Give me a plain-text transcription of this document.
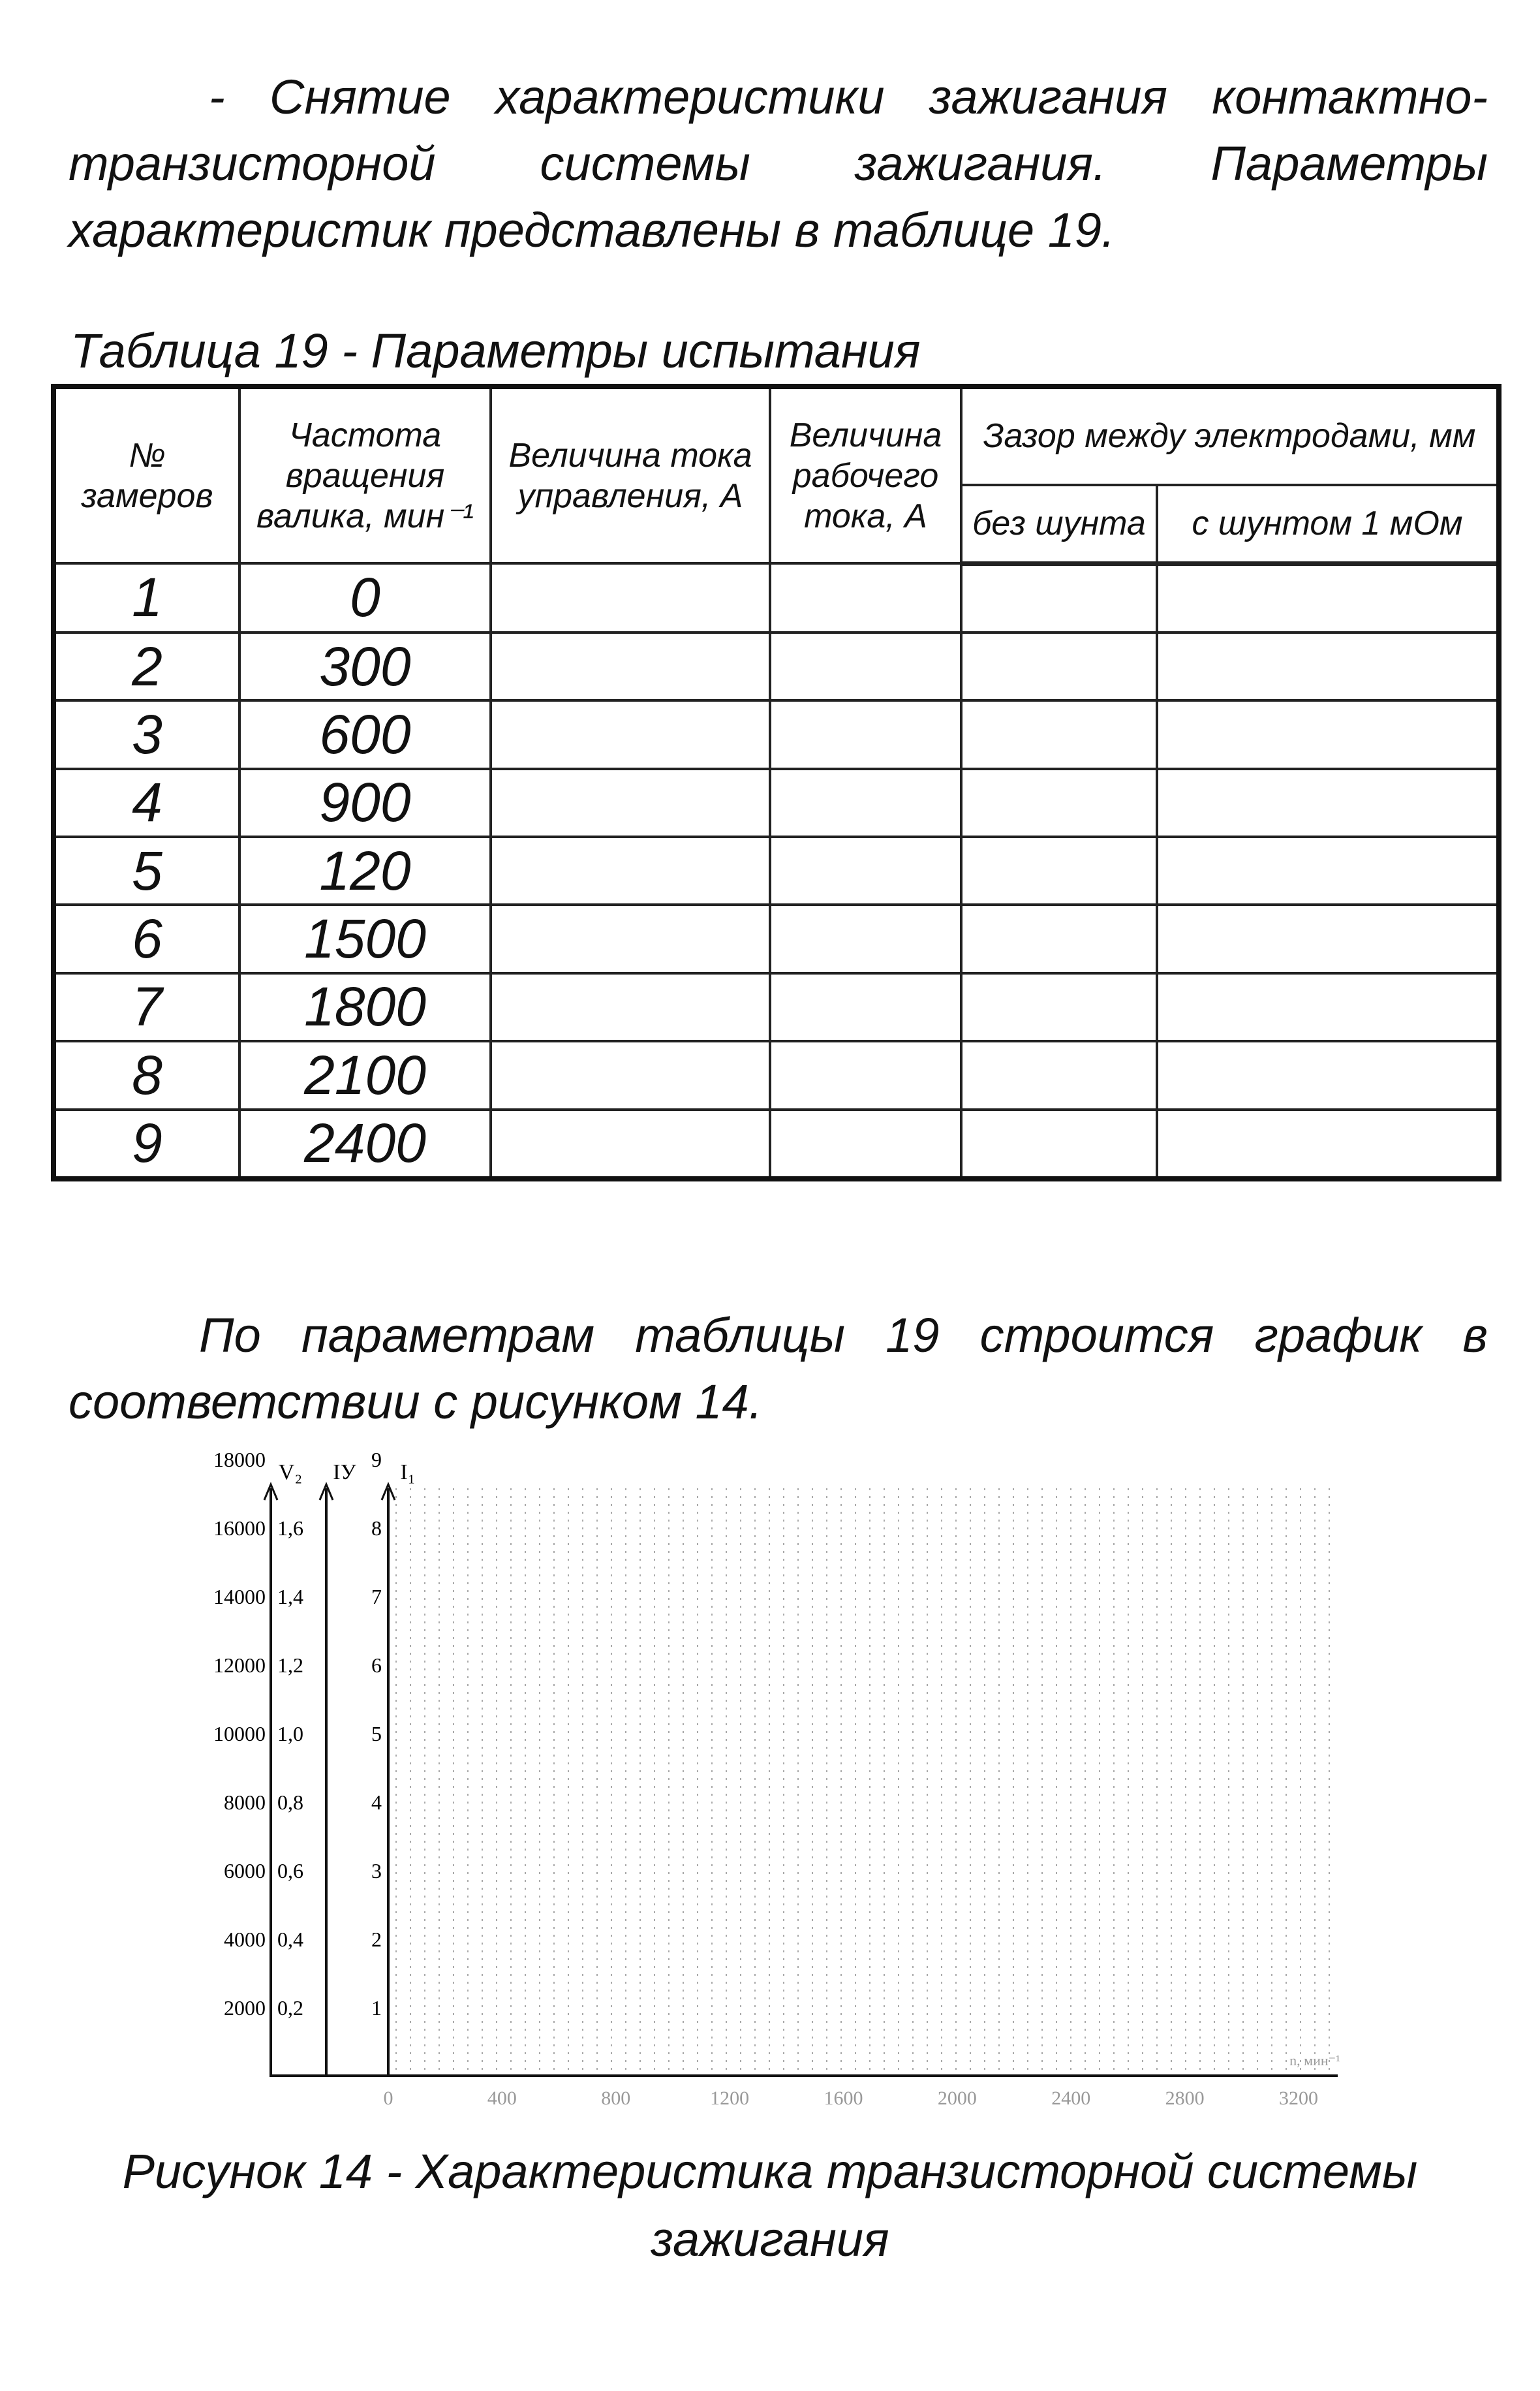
- Снятие характеристики зажигания контактно-
транзисторной системы зажигания. Параметры
характеристик представлены в таблице 19.
Таблица 19 - Параметры испытания
№ замеров	Частота вращения валика, мин⁻¹	Величина тока управления, А	Величина рабочего тока, А	Зазор между электродами, мм	
				без шунта	с шунтом 1 мОм
1	0				
2	300				
3	600				
4	900				
5	120				
6	1500				
7	1800				
8	2100				
9	2400				
По параметрам таблицы 19 строится график в
соответствии с рисунком 14.
V₂ IУ I₁
2000
4000
6000
8000
10000
12000
14000
16000
18000
0,2
0,4
0,6
0,8
1,0
1,2
1,4
1,6
1
2
3
4
5
6
7
8
9
0	400	800	1200	1600	2000	2400	2800	3200
n, мин⁻¹
Рисунок 14 - Характеристика транзисторной системы
зажигания
